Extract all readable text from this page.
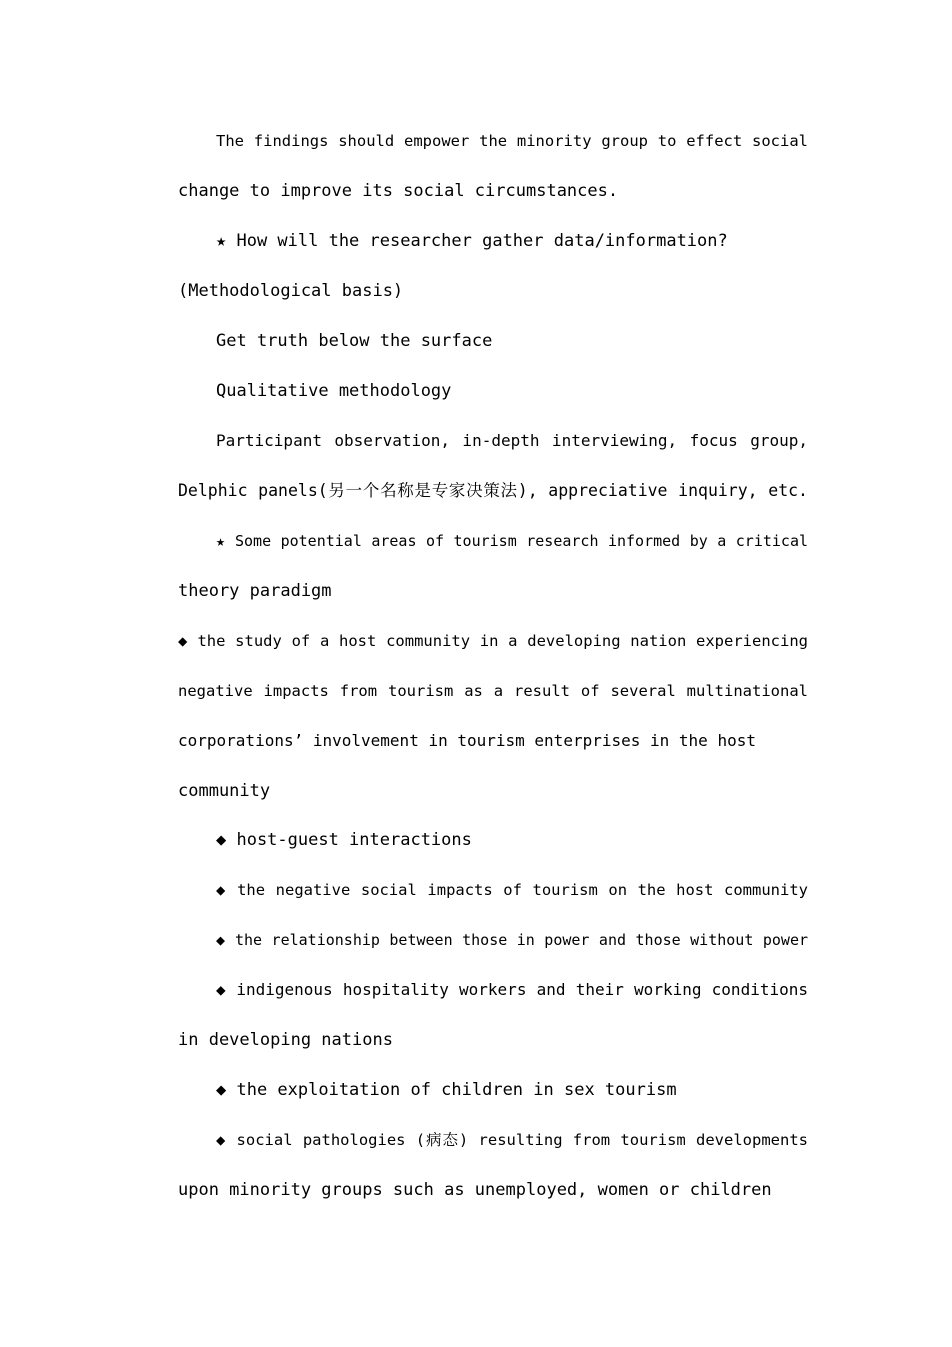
The findings should empower the minority group to effect social
change to improve its social circumstances.
★ How will the researcher gather data/information?
(Methodological basis)
Get truth below the surface
Qualitative methodology
Participant observation, in-depth interviewing, focus group,
Delphic panels(另一个名称是专家决策法), appreciative inquiry, etc.
★ Some potential areas of tourism research informed by a critical
theory paradigm
◆ the study of a host community in a developing nation experiencing
negative impacts from tourism as a result of several multinational
corporations’ involvement in tourism enterprises in the host
community
◆ host-guest interactions
◆ the negative social impacts of tourism on the host community
◆ the relationship between those in power and those without power
◆ indigenous hospitality workers and their working conditions
in developing nations
◆ the exploitation of children in sex tourism
◆ social pathologies (病态) resulting from tourism developments
upon minority groups such as unemployed, women or children
